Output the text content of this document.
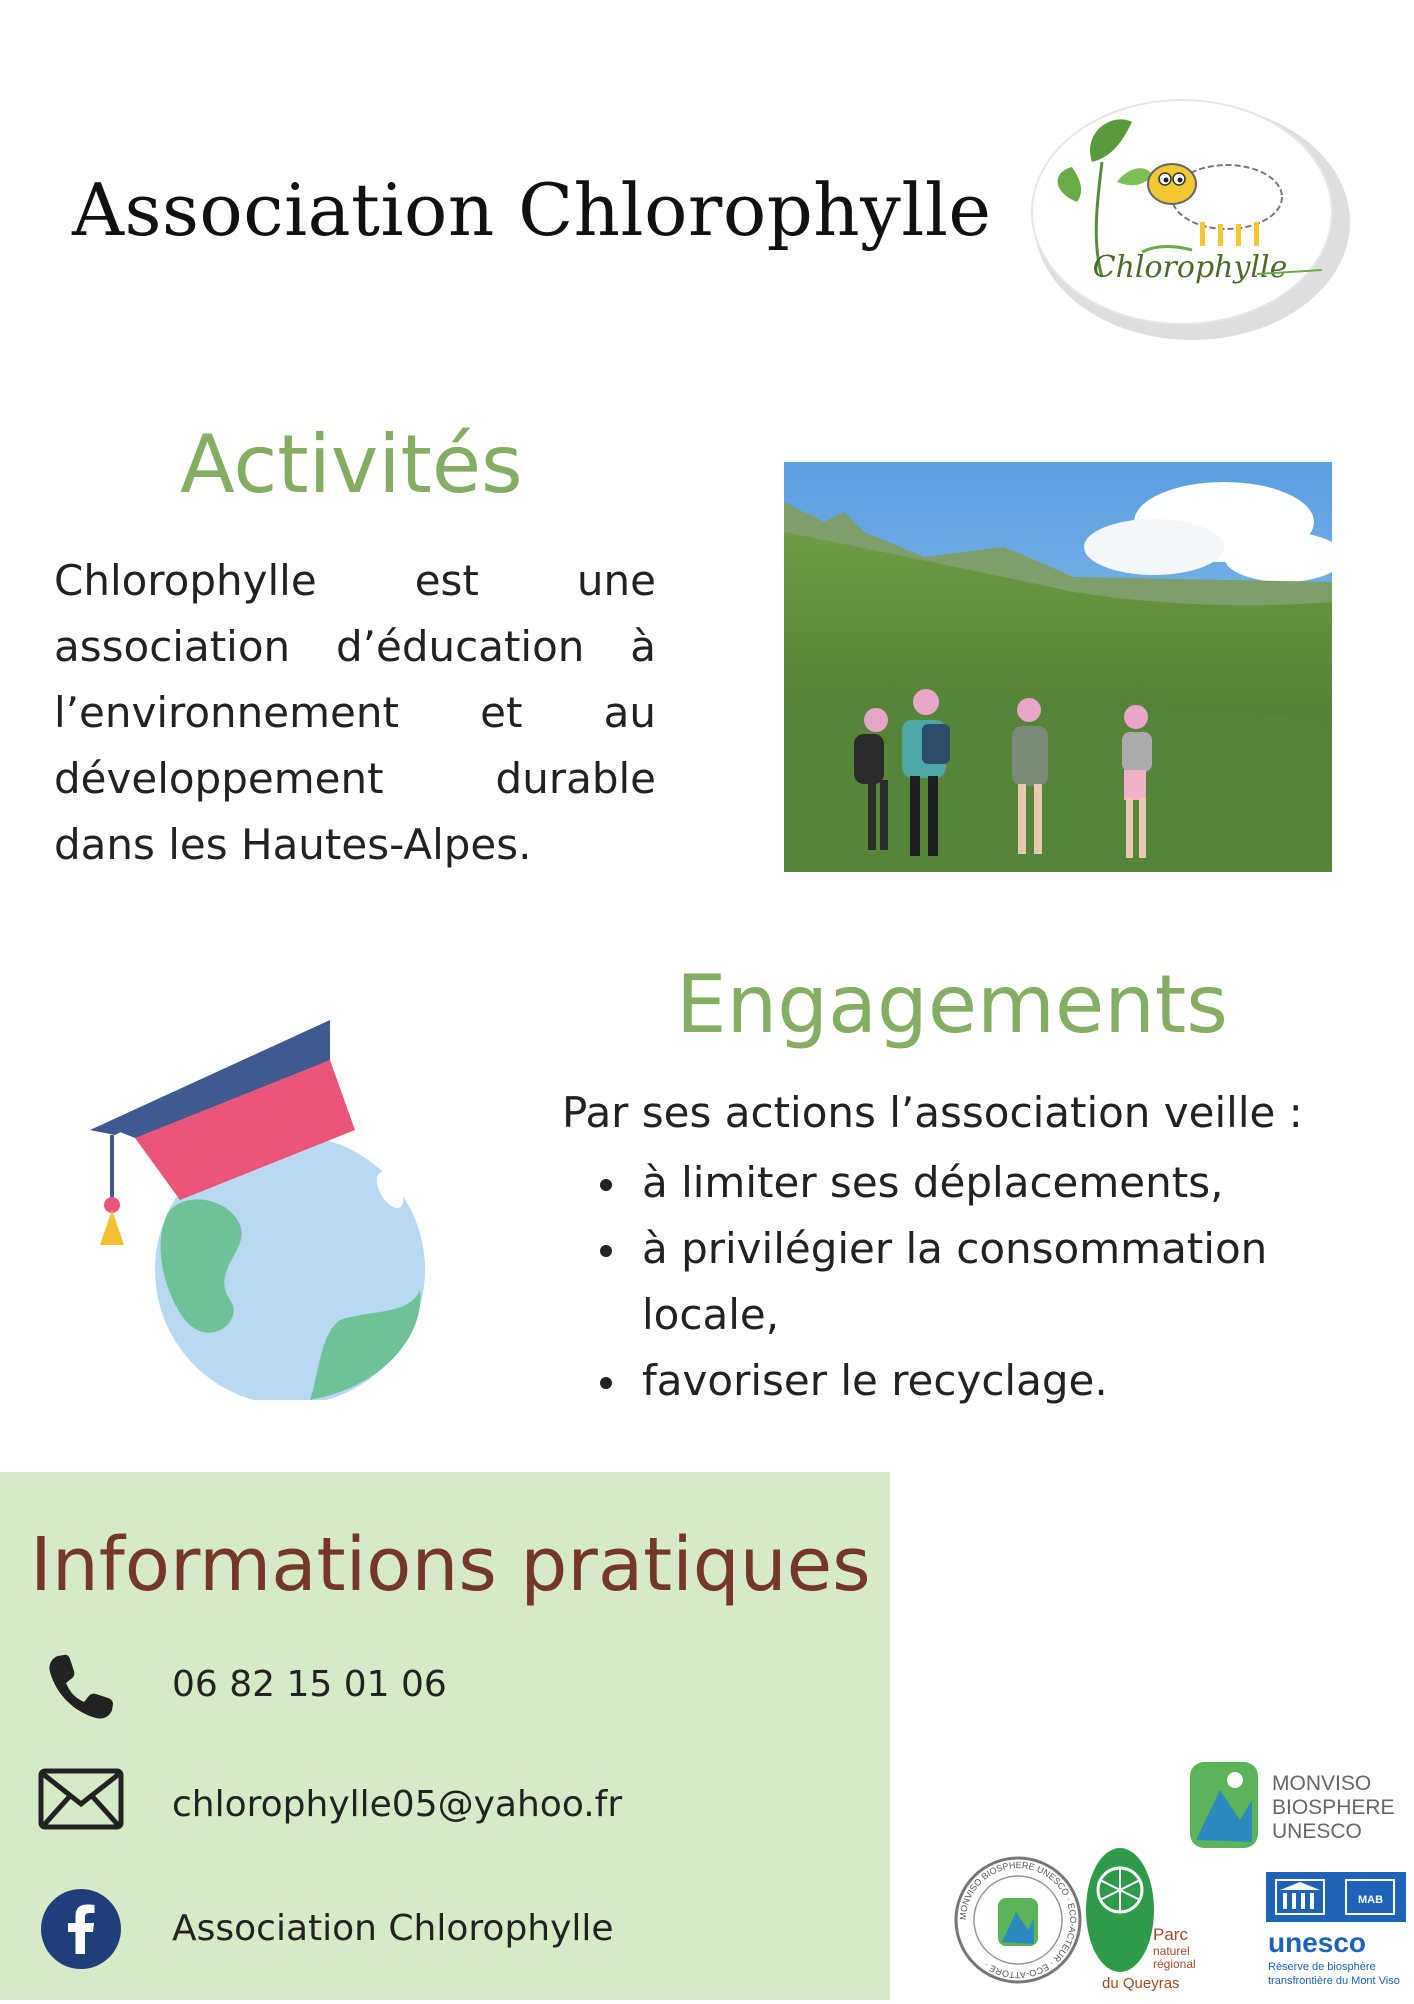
Association Chlorophylle
Chlorophylle
Activités
Chlorophylle est une association d’éducation à l’environnement et au développement durable dans les Hautes-Alpes.
Engagements
Par ses actions l’association veille :
à limiter ses déplacements,
à privilégier la consommation locale,
favoriser le recyclage.
Informations pratiques
06 82 15 01 06
chlorophylle05@yahoo.fr
Association Chlorophylle
MONVISO
BIOSPHERE
UNESCO
MONVISO BIOSPHERE UNESCO · ECO-ACTEUR · ECO-ATTORE ·
Parc
naturel
régional
du Queyras
MAB
unesco
Réserve de biosphère
transfrontière du Mont Viso
